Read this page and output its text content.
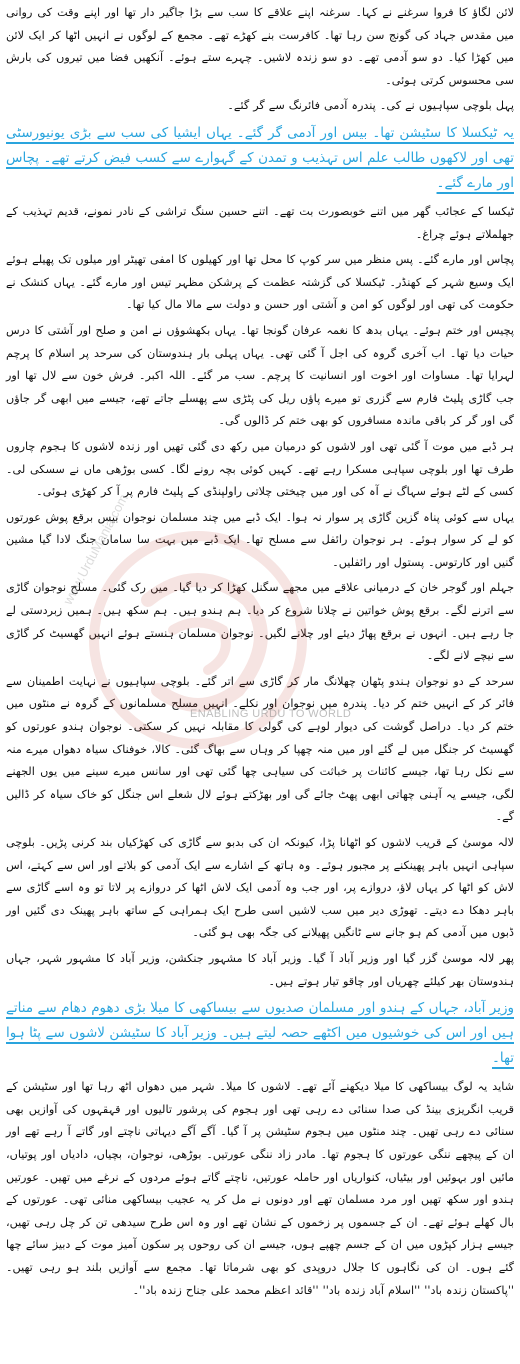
لائن لگاؤ کا فروا سرغنے نے کہا۔ سرغنہ اپنے علاقے کا سب سے بڑا جاگیر دار تھا اور اپنے وقت کی روانی میں مقدس جہاد کی گونج سن رہا تھا۔ کافرست بنے کھڑے تھے۔ مجمع کے لوگوں نے انہیں اٹھا کر ایک لائن میں کھڑا کیا۔ دو سو آدمی تھے۔ دو سو زندہ لاشیں۔ چہرے ستے ہوئے۔ آنکھیں فضا میں تیروں کی بارش سی محسوس کرتی ہوئی۔

پہل بلوچی سپاہیوں نے کی۔ پندرہ آدمی فائرنگ سے گر گئے۔

یہ ٹیکسلا کا سٹیشن تھا۔ بیس اور آدمی گر گئے۔ یہاں ایشیا کی سب سے بڑی یونیورسٹی تھی اور لاکھوں طالب علم اس تہذیب و تمدن کے گہوارے سے کسب فیض کرتے تھے۔ پچاس اور مارے گئے۔

ٹیکسا کے عجائب گھر میں اتنے خوبصورت بت تھے۔ اتنے حسین سنگ تراشی کے نادر نمونے، قدیم تہذیب کے جھلملاتے ہوئے چراغ۔

پچاس اور مارے گئے۔ پس منظر میں سر کوپ کا محل تھا اور کھیلوں کا امفی تھیٹر اور میلوں تک پھیلے ہوئے ایک وسیع شہر کے کھنڈر۔ ٹیکسلا کی گزشتہ عظمت کے پرشکن مظہر تیس اور مارے گئے۔ یہاں کنشک نے حکومت کی تھی اور لوگوں کو امن و آشتی اور حسن و دولت سے مالا مال کیا تھا۔

پچیس اور ختم ہوئے۔ یہاں بدھ کا نغمہ عرفان گونجا تھا۔ یہاں بکھشوؤں نے امن و صلح اور آشتی کا درس حیات دیا تھا۔ اب آخری گروہ کی اجل آ گئی تھی۔ یہاں پہلی بار ہندوستان کی سرحد پر اسلام کا پرچم لہرایا تھا۔ مساوات اور اخوت اور انسانیت کا پرچم۔ سب مر گئے۔ اللہ اکبر۔ فرش خون سے لال تھا اور جب گاڑی پلیٹ فارم سے گزری تو میرے پاؤں ریل کی پٹڑی سے پھسلے جاتے تھے، جیسے میں ابھی گر جاؤں گی اور گر کر باقی ماندہ مسافروں کو بھی ختم کر ڈالوں گی۔

ہر ڈبے میں موت آ گئی تھی اور لاشوں کو درمیان میں رکھ دی گئی تھیں اور زندہ لاشوں کا ہجوم چاروں طرف تھا اور بلوچی سپاہی مسکرا رہے تھے۔ کہیں کوئی بچہ رونے لگا۔ کسی بوڑھی ماں نے سسکی لی۔ کسی کے لٹے ہوئے سہاگ نے آہ کی اور میں چیختی چلاتی راولپنڈی کے پلیٹ فارم پر آ کر کھڑی ہوئی۔

یہاں سے کوئی پناہ گزین گاڑی پر سوار نہ ہوا۔ ایک ڈبے میں چند مسلمان نوجوان بیس برقع پوش عورتوں کو لے کر سوار ہوئے۔ ہر نوجوان رائفل سے مسلح تھا۔ ایک ڈبے میں بہت سا سامان جنگ لادا گیا مشین گنیں اور کارتوس۔ پستول اور رائفلیں۔

جہلم اور گوجر خان کے درمیانی علاقے میں مجھے سگنل کھڑا کر دیا گیا۔ میں رک گئی۔ مسلح نوجوان گاڑی سے اترنے لگے۔ برقع پوش خواتین نے چلانا شروع کر دیا۔ ہم ہندو ہیں۔ ہم سکھ ہیں۔ ہمیں زبردستی لے جا رہے ہیں۔ انہوں نے برقع پھاڑ دیئے اور چلانے لگیں۔ نوجوان مسلمان ہنستے ہوئے انہیں گھسیٹ کر گاڑی سے نیچے لانے لگے۔

سرحد کے دو نوجوان ہندو پٹھان چھلانگ مار کر گاڑی سے اتر گئے۔ بلوچی سپاہیوں نے نہایت اطمینان سے فائر کر کے انہیں ختم کر دیا۔ پندرہ میں نوجوان اور نکلے۔ انہیں مسلح مسلمانوں کے گروہ نے منٹوں میں ختم کر دیا۔ دراصل گوشت کی دیوار لوہے کی گولی کا مقابلہ نہیں کر سکتی۔ نوجوان ہندو عورتوں کو گھسیٹ کر جنگل میں لے گئے اور میں منہ چھپا کر وہاں سے بھاگ گئی۔ کالا، خوفناک سیاہ دھواں میرے منہ سے نکل رہا تھا، جیسے کائنات پر خباثت کی سیاہی چھا گئی تھی اور سانس میرے سینے میں یوں الجھنے لگی، جیسے یہ آہنی چھاتی ابھی پھٹ جائے گی اور بھڑکتے ہوئے لال شعلے اس جنگل کو خاک سیاہ کر ڈالیں گے۔

لالہ موسیٰ کے قریب لاشوں کو اٹھانا پڑا، کیونکہ ان کی بدبو سے گاڑی کی کھڑکیاں بند کرنی پڑیں۔ بلوچی سپاہی انہیں باہر پھینکنے پر مجبور ہوئے۔ وہ ہاتھ کے اشارے سے ایک آدمی کو بلاتے اور اس سے کہتے، اس لاش کو اٹھا کر یہاں لاؤ، دروازے پر، اور جب وہ آدمی ایک لاش اٹھا کر دروازے پر لاتا تو وہ اسے گاڑی سے باہر دھکا دے دیتے۔ تھوڑی دیر میں سب لاشیں اسی طرح ایک ہمراہی کے ساتھ باہر پھینک دی گئیں اور ڈبوں میں آدمی کم ہو جانے سے ٹانگیں پھیلانے کی جگہ بھی ہو گئی۔

پھر لالہ موسیٰ گزر گیا اور وزیر آباد آ گیا۔ وزیر آباد کا مشہور جنکشن، وزیر آباد کا مشہور شہر، جہاں ہندوستان بھر کیلئے چھریاں اور چاقو تیار ہوتے ہیں۔

وزیر آباد، جہاں کے ہندو اور مسلمان صدیوں سے بیساکھی کا میلا بڑی دھوم دھام سے مناتے ہیں اور اس کی خوشیوں میں اکٹھے حصہ لیتے ہیں۔ وزیر آباد کا سٹیشن لاشوں سے پٹا ہوا تھا۔

شاید یہ لوگ بیساکھی کا میلا دیکھنے آئے تھے۔ لاشوں کا میلا۔ شہر میں دھواں اٹھ رہا تھا اور سٹیشن کے قریب انگریزی بینڈ کی صدا سنائی دے رہی تھی اور ہجوم کی پرشور تالیوں اور قہقہوں کی آوازیں بھی سنائی دے رہی تھیں۔ چند منٹوں میں ہجوم سٹیشن پر آ گیا۔ آگے آگے دیہاتی ناچتے اور گاتے آ رہے تھے اور ان کے پیچھے ننگی عورتوں کا ہجوم تھا۔ مادر زاد ننگی عورتیں۔ بوڑھی، نوجوان، بچیاں، دادیاں اور پوتیاں، مائیں اور بہوئیں اور بیٹیاں، کنواریاں اور حاملہ عورتیں، ناچتے گاتے ہوئے مردوں کے نرغے میں تھیں۔ عورتیں ہندو اور سکھ تھیں اور مرد مسلمان تھے اور دونوں نے مل کر یہ عجیب بیساکھی منائی تھی۔ عورتوں کے بال کھلے ہوئے تھے۔ ان کے جسموں پر زخموں کے نشان تھے اور وہ اس طرح سیدھی تن کر چل رہی تھیں، جیسے ہزار کپڑوں میں ان کے جسم چھپے ہوں، جیسے ان کی روحوں پر سکون آمیز موت کے دبیز سائے چھا گئے ہوں۔ ان کی نگاہوں کا جلال دروپدی کو بھی شرماتا تھا۔ مجمع سے آوازیں بلند ہو رہی تھیں۔ ''پاکستان زندہ باد'' ''اسلام آباد زندہ باد'' ''قائد اعظم محمد علی جناح زندہ باد''۔

www.UrduMania.com
ENABLING URDU TO WORLD
